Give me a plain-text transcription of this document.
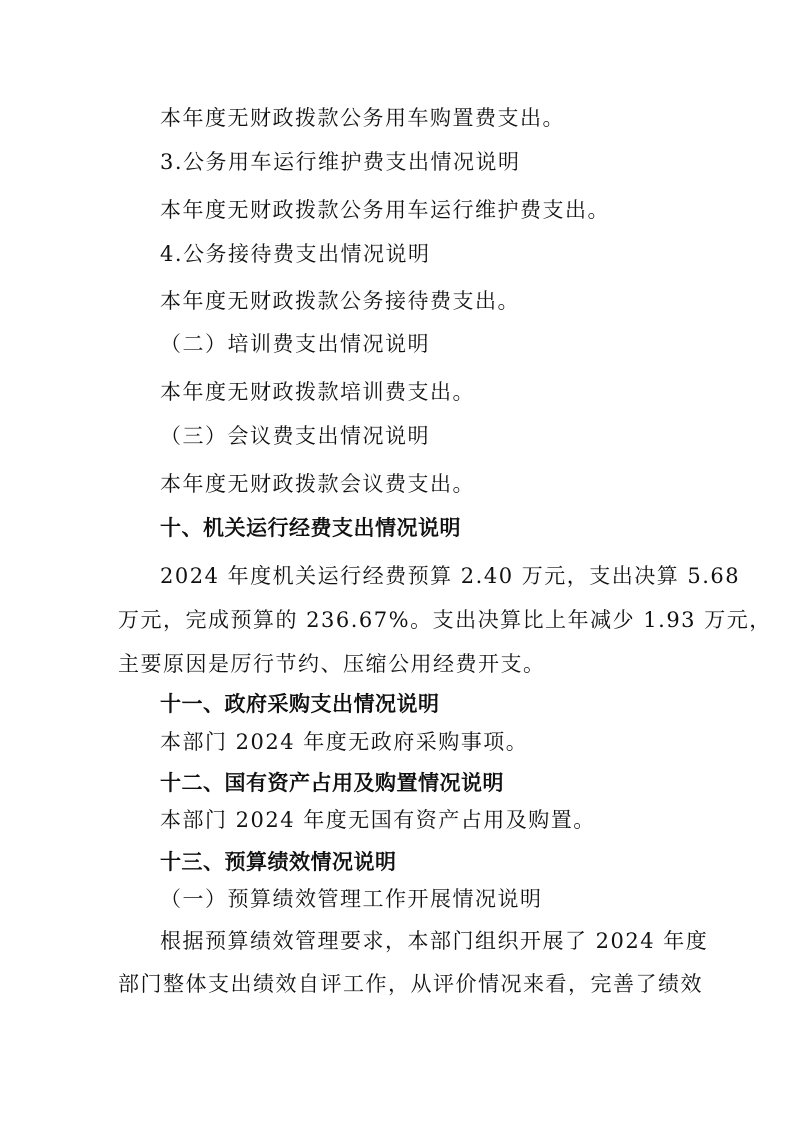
本年度无财政拨款公务用车购置费支出。
3.公务用车运行维护费支出情况说明
本年度无财政拨款公务用车运行维护费支出。
4.公务接待费支出情况说明
本年度无财政拨款公务接待费支出。
（二）培训费支出情况说明
本年度无财政拨款培训费支出。
（三）会议费支出情况说明
本年度无财政拨款会议费支出。
十、机关运行经费支出情况说明
2024 年度机关运行经费预算 2.40 万元，支出决算 5.68
万元，完成预算的 236.67%。支出决算比上年减少 1.93 万元，
主要原因是厉行节约、压缩公用经费开支。
十一、政府采购支出情况说明
本部门 2024 年度无政府采购事项。
十二、国有资产占用及购置情况说明
本部门 2024 年度无国有资产占用及购置。
十三、预算绩效情况说明
（一）预算绩效管理工作开展情况说明
根据预算绩效管理要求，本部门组织开展了 2024 年度
部门整体支出绩效自评工作，从评价情况来看，完善了绩效
